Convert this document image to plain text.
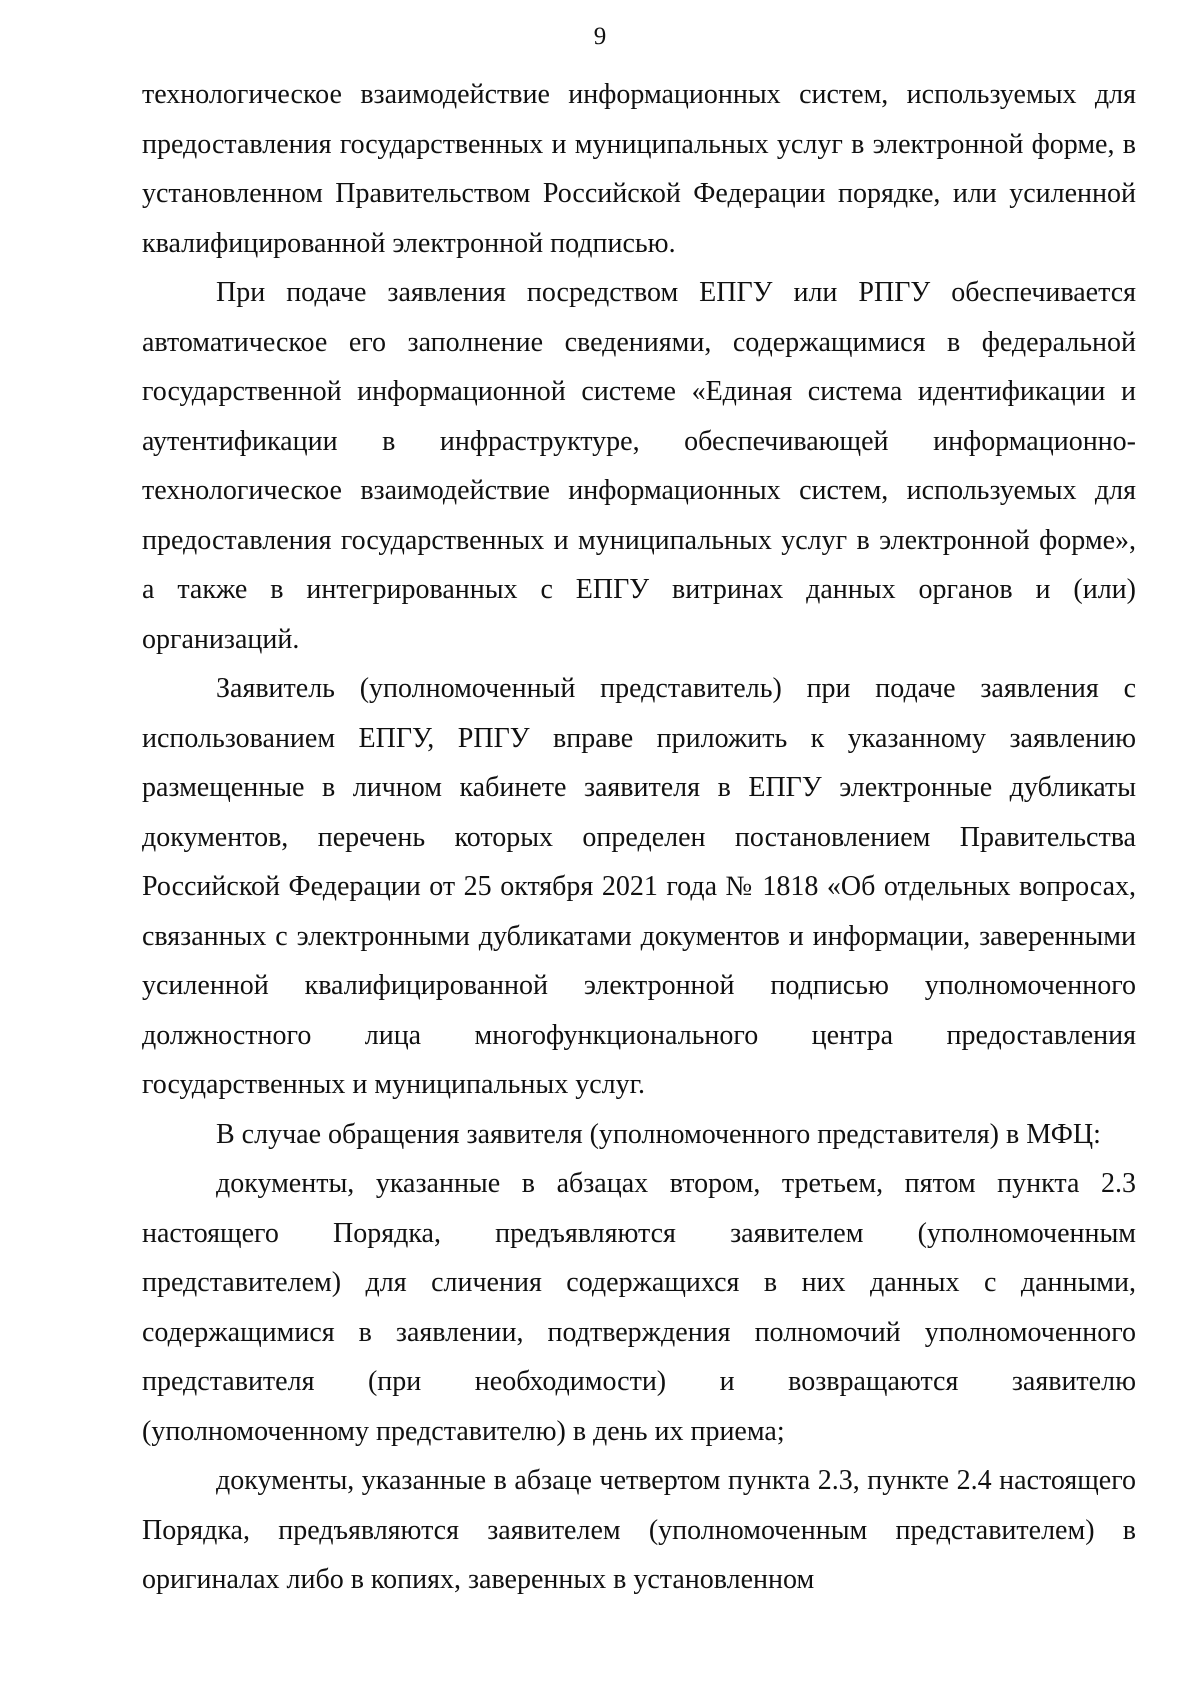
9

технологическое взаимодействие информационных систем, используемых для предоставления государственных и муниципальных услуг в электронной форме, в установленном Правительством Российской Федерации порядке, или усиленной квалифицированной электронной подписью.

При подаче заявления посредством ЕПГУ или РПГУ обеспечивается автоматическое его заполнение сведениями, содержащимися в федеральной государственной информационной системе «Единая система идентификации и аутентификации в инфраструктуре, обеспечивающей информационно-технологическое взаимодействие информационных систем, используемых для предоставления государственных и муниципальных услуг в электронной форме», а также в интегрированных с ЕПГУ витринах данных органов и (или) организаций.

Заявитель (уполномоченный представитель) при подаче заявления с использованием ЕПГУ, РПГУ вправе приложить к указанному заявлению размещенные в личном кабинете заявителя в ЕПГУ электронные дубликаты документов, перечень которых определен постановлением Правительства Российской Федерации от 25 октября 2021 года № 1818 «Об отдельных вопросах, связанных с электронными дубликатами документов и информации, заверенными усиленной квалифицированной электронной подписью уполномоченного должностного лица многофункционального центра предоставления государственных и муниципальных услуг.

В случае обращения заявителя (уполномоченного представителя) в МФЦ:

документы, указанные в абзацах втором, третьем, пятом пункта 2.3 настоящего Порядка, предъявляются заявителем (уполномоченным представителем) для сличения содержащихся в них данных с данными, содержащимися в заявлении, подтверждения полномочий уполномоченного представителя (при необходимости) и возвращаются заявителю (уполномоченному представителю) в день их приема;

документы, указанные в абзаце четвертом пункта 2.3, пункте 2.4 настоящего Порядка, предъявляются заявителем (уполномоченным представителем) в оригиналах либо в копиях, заверенных в установленном
